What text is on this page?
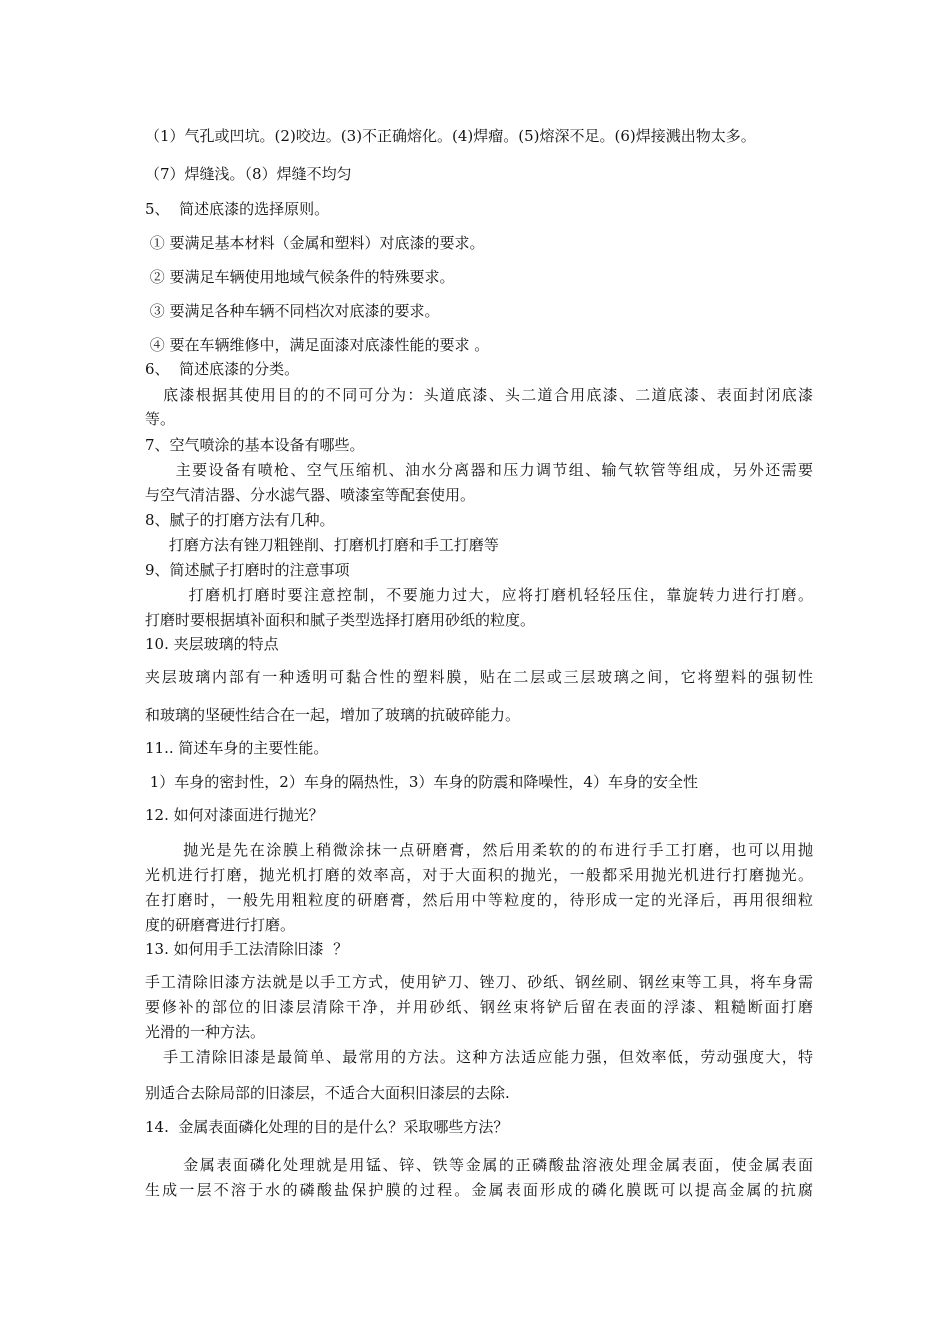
（1）气孔或凹坑。(2)咬边。(3)不正确熔化。(4)焊瘤。(5)熔深不足。(6)焊接溅出物太多。
（7）焊缝浅。（8）焊缝不均匀
5、  简述底漆的选择原则。
① 要满足基本材料（金属和塑料）对底漆的要求。
② 要满足车辆使用地域气候条件的特殊要求。
③ 要满足各种车辆不同档次对底漆的要求。
④ 要在车辆维修中，满足面漆对底漆性能的要求 。
6、  简述底漆的分类。
底漆根据其使用目的的不同可分为：头道底漆、头二道合用底漆、二道底漆、表面封闭底漆
等。
7、空气喷涂的基本设备有哪些。
主要设备有喷枪、空气压缩机、油水分离器和压力调节组、输气软管等组成，另外还需要
与空气清洁器、分水滤气器、喷漆室等配套使用。
8、腻子的打磨方法有几种。
打磨方法有锉刀粗锉削、打磨机打磨和手工打磨等
9、简述腻子打磨时的注意事项
打磨机打磨时要注意控制，不要施力过大，应将打磨机轻轻压住，靠旋转力进行打磨。
打磨时要根据填补面积和腻子类型选择打磨用砂纸的粒度。
10. 夹层玻璃的特点
夹层玻璃内部有一种透明可黏合性的塑料膜，贴在二层或三层玻璃之间，它将塑料的强韧性
和玻璃的坚硬性结合在一起，增加了玻璃的抗破碎能力。
11.. 简述车身的主要性能。
1）车身的密封性，2）车身的隔热性，3）车身的防震和降噪性，4）车身的安全性
12. 如何对漆面进行抛光？
抛光是先在涂膜上稍微涂抹一点研磨膏，然后用柔软的的布进行手工打磨，也可以用抛
光机进行打磨，抛光机打磨的效率高，对于大面积的抛光，一般都采用抛光机进行打磨抛光。
在打磨时，一般先用粗粒度的研磨膏，然后用中等粒度的，待形成一定的光泽后，再用很细粒
度的研磨膏进行打磨。
13. 如何用手工法清除旧漆  ？
手工清除旧漆方法就是以手工方式，使用铲刀、锉刀、砂纸、钢丝刷、钢丝束等工具，将车身需
要修补的部位的旧漆层清除干净，并用砂纸、钢丝束将铲后留在表面的浮漆、粗糙断面打磨
光滑的一种方法。
手工清除旧漆是最简单、最常用的方法。这种方法适应能力强，但效率低，劳动强度大，特
别适合去除局部的旧漆层，不适合大面积旧漆层的去除.
14.  金属表面磷化处理的目的是什么？采取哪些方法？
金属表面磷化处理就是用锰、锌、铁等金属的正磷酸盐溶液处理金属表面，使金属表面
生成一层不溶于水的磷酸盐保护膜的过程。金属表面形成的磷化膜既可以提高金属的抗腐
